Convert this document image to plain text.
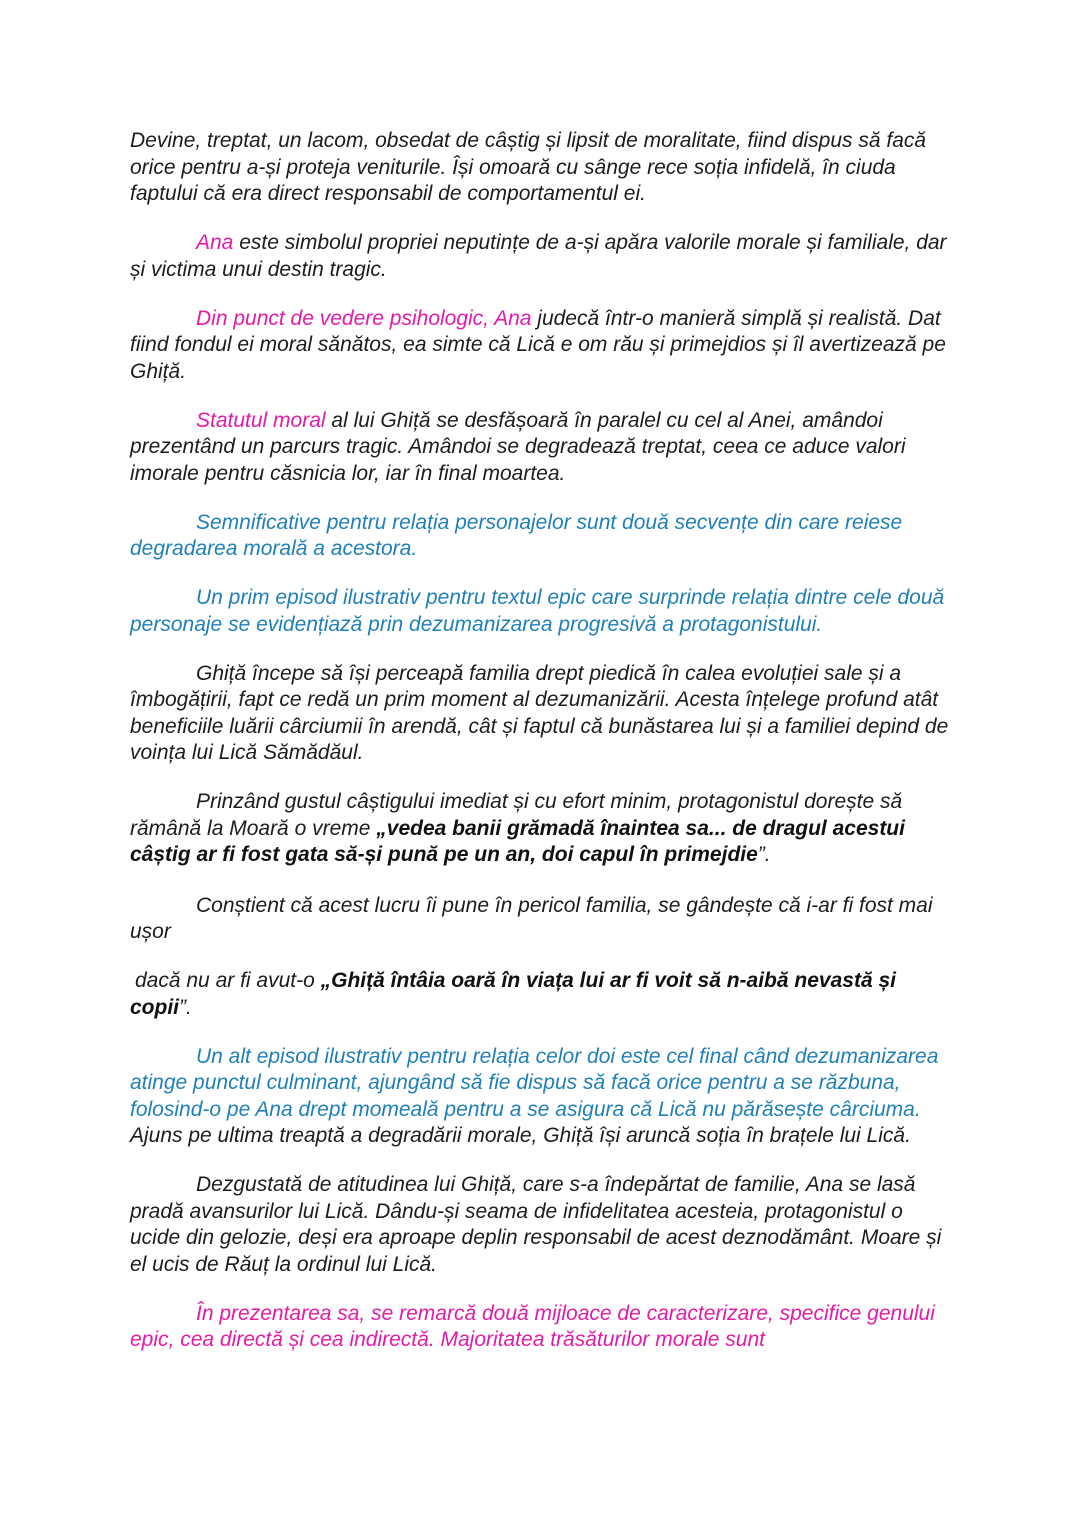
Devine, treptat, un lacom, obsedat de câștig și lipsit de moralitate, fiind dispus să facă orice pentru a-și proteja veniturile. Își omoară cu sânge rece soția infidelă, în ciuda faptului că era direct responsabil de comportamentul ei.

Ana este simbolul propriei neputințe de a-și apăra valorile morale și familiale, dar și victima unui destin tragic.

Din punct de vedere psihologic, Ana judecă într-o manieră simplă și realistă. Dat fiind fondul ei moral sănătos, ea simte că Lică e om rău și primejdios și îl avertizează pe Ghiță.

Statutul moral al lui Ghiță se desfășoară în paralel cu cel al Anei, amândoi prezentând un parcurs tragic. Amândoi se degradează treptat, ceea ce aduce valori imorale pentru căsnicia lor, iar în final moartea.

Semnificative pentru relația personajelor sunt două secvențe din care reiese degradarea morală a acestora.

Un prim episod ilustrativ pentru textul epic care surprinde relația dintre cele două personaje se evidențiază prin dezumanizarea progresivă a protagonistului.

Ghiță începe să își perceapă familia drept piedică în calea evoluției sale și a îmbogățirii, fapt ce redă un prim moment al dezumanizării. Acesta înțelege profund atât beneficiile luării cârciumii în arendă, cât și faptul că bunăstarea lui și a familiei depind de voința lui Lică Sămădăul.

Prinzând gustul câștigului imediat și cu efort minim, protagonistul dorește să rămână la Moară o vreme „vedea banii grămadă înaintea sa... de dragul acestui câștig ar fi fost gata să-și pună pe un an, doi capul în primejdie”.

Conștient că acest lucru îi pune în pericol familia, se gândește că i-ar fi fost mai ușor

dacă nu ar fi avut-o „Ghiță întâia oară în viața lui ar fi voit să n-aibă nevastă și copii”.

Un alt episod ilustrativ pentru relația celor doi este cel final când dezumanizarea atinge punctul culminant, ajungând să fie dispus să facă orice pentru a se răzbuna, folosind-o pe Ana drept momeală pentru a se asigura că Lică nu părăsește cârciuma. Ajuns pe ultima treaptă a degradării morale, Ghiță își aruncă soția în brațele lui Lică.

Dezgustată de atitudinea lui Ghiță, care s-a îndepărtat de familie, Ana se lasă pradă avansurilor lui Lică. Dându-și seama de infidelitatea acesteia, protagonistul o ucide din gelozie, deși era aproape deplin responsabil de acest deznodământ. Moare și el ucis de Răuț la ordinul lui Lică.

În prezentarea sa, se remarcă două mijloace de caracterizare, specifice genului epic, cea directă și cea indirectă. Majoritatea trăsăturilor morale sunt
